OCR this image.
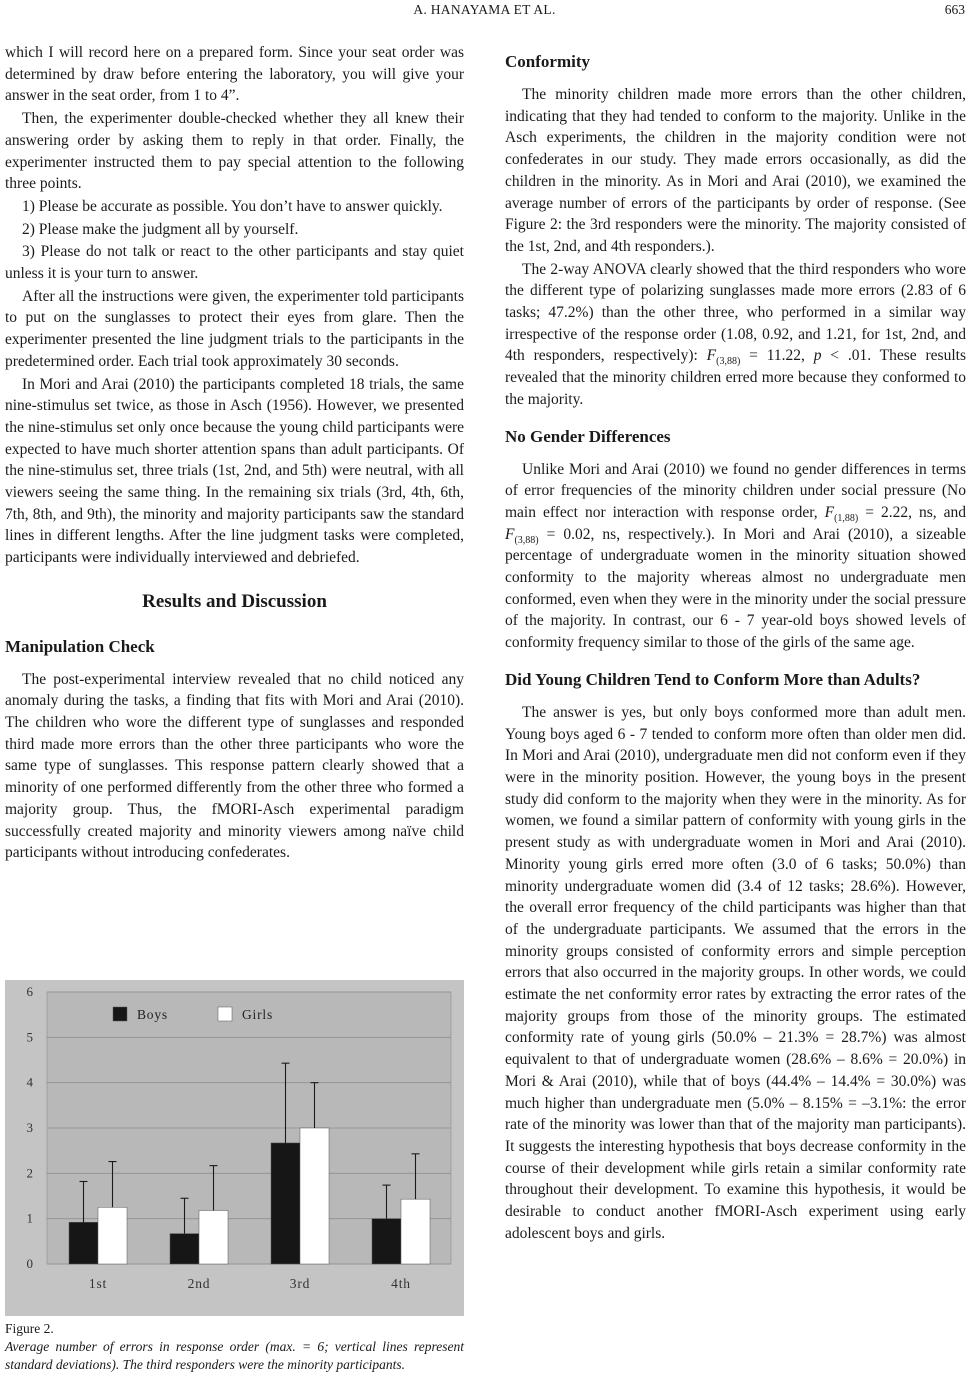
A. HANAYAMA ET AL.	663

which I will record here on a prepared form. Since your seat order was determined by draw before entering the laboratory, you will give your answer in the seat order, from 1 to 4”.

Then, the experimenter double-checked whether they all knew their answering order by asking them to reply in that order. Finally, the experimenter instructed them to pay special attention to the following three points.

1) Please be accurate as possible. You don’t have to answer quickly.

2) Please make the judgment all by yourself.

3) Please do not talk or react to the other participants and stay quiet unless it is your turn to answer.

After all the instructions were given, the experimenter told participants to put on the sunglasses to protect their eyes from glare. Then the experimenter presented the line judgment trials to the participants in the predetermined order. Each trial took approximately 30 seconds.

In Mori and Arai (2010) the participants completed 18 trials, the same nine-stimulus set twice, as those in Asch (1956). However, we presented the nine-stimulus set only once because the young child participants were expected to have much shorter attention spans than adult participants. Of the nine-stimulus set, three trials (1st, 2nd, and 5th) were neutral, with all viewers seeing the same thing. In the remaining six trials (3rd, 4th, 6th, 7th, 8th, and 9th), the minority and majority participants saw the standard lines in different lengths. After the line judgment tasks were completed, participants were individually interviewed and debriefed.

Results and Discussion
Manipulation Check

The post-experimental interview revealed that no child noticed any anomaly during the tasks, a finding that fits with Mori and Arai (2010). The children who wore the different type of sunglasses and responded third made more errors than the other three participants who wore the same type of sunglasses. This response pattern clearly showed that a minority of one performed differently from the other three who formed a majority group. Thus, the fMORI-Asch experimental paradigm successfully created majority and minority viewers among naïve child participants without introducing confederates.

0
1
2
3
4
5
6
1st	2nd	3rd	4th
Boys	Girls
Figure 2.
Average number of errors in response order (max. = 6; vertical lines represent standard deviations). The third responders were the minority participants.
Conformity

The minority children made more errors than the other children, indicating that they had tended to conform to the majority. Unlike in the Asch experiments, the children in the majority condition were not confederates in our study. They made errors occasionally, as did the children in the minority. As in Mori and Arai (2010), we examined the average number of errors of the participants by order of response. (See Figure 2: the 3rd responders were the minority. The majority consisted of the 1st, 2nd, and 4th responders.).

The 2-way ANOVA clearly showed that the third responders who wore the different type of polarizing sunglasses made more errors (2.83 of 6 tasks; 47.2%) than the other three, who performed in a similar way irrespective of the response order (1.08, 0.92, and 1.21, for 1st, 2nd, and 4th responders, respectively): $F_{(3,88)} = 11.22$, p < .01. These results revealed that the minority children erred more because they conformed to the majority.

No Gender Differences

Unlike Mori and Arai (2010) we found no gender differences in terms of error frequencies of the minority children under social pressure (No main effect nor interaction with response order, $F_{(1,88)} = 2.22$, ns, and $F_{(3,88)} = 0.02$, ns, respectively.). In Mori and Arai (2010), a sizeable percentage of undergraduate women in the minority situation showed conformity to the majority whereas almost no undergraduate men conformed, even when they were in the minority under the social pressure of the majority. In contrast, our 6 - 7 year-old boys showed levels of conformity frequency similar to those of the girls of the same age.

Did Young Children Tend to Conform More than Adults?

The answer is yes, but only boys conformed more than adult men. Young boys aged 6 - 7 tended to conform more often than older men did. In Mori and Arai (2010), undergraduate men did not conform even if they were in the minority position. However, the young boys in the present study did conform to the majority when they were in the minority. As for women, we found a similar pattern of conformity with young girls in the present study as with undergraduate women in Mori and Arai (2010). Minority young girls erred more often (3.0 of 6 tasks; 50.0%) than minority undergraduate women did (3.4 of 12 tasks; 28.6%). However, the overall error frequency of the child participants was higher than that of the undergraduate participants. We assumed that the errors in the minority groups consisted of conformity errors and simple perception errors that also occurred in the majority groups. In other words, we could estimate the net conformity error rates by extracting the error rates of the majority groups from those of the minority groups. The estimated conformity rate of young girls (50.0% – 21.3% = 28.7%) was almost equivalent to that of undergraduate women (28.6% – 8.6% = 20.0%) in Mori & Arai (2010), while that of boys (44.4% – 14.4% = 30.0%) was much higher than undergraduate men (5.0% – 8.15% = –3.1%: the error rate of the minority was lower than that of the majority man participants). It suggests the interesting hypothesis that boys decrease conformity in the course of their development while girls retain a similar conformity rate throughout their development. To examine this hypothesis, it would be desirable to conduct another fMORI-Asch experiment using early adolescent boys and girls.
